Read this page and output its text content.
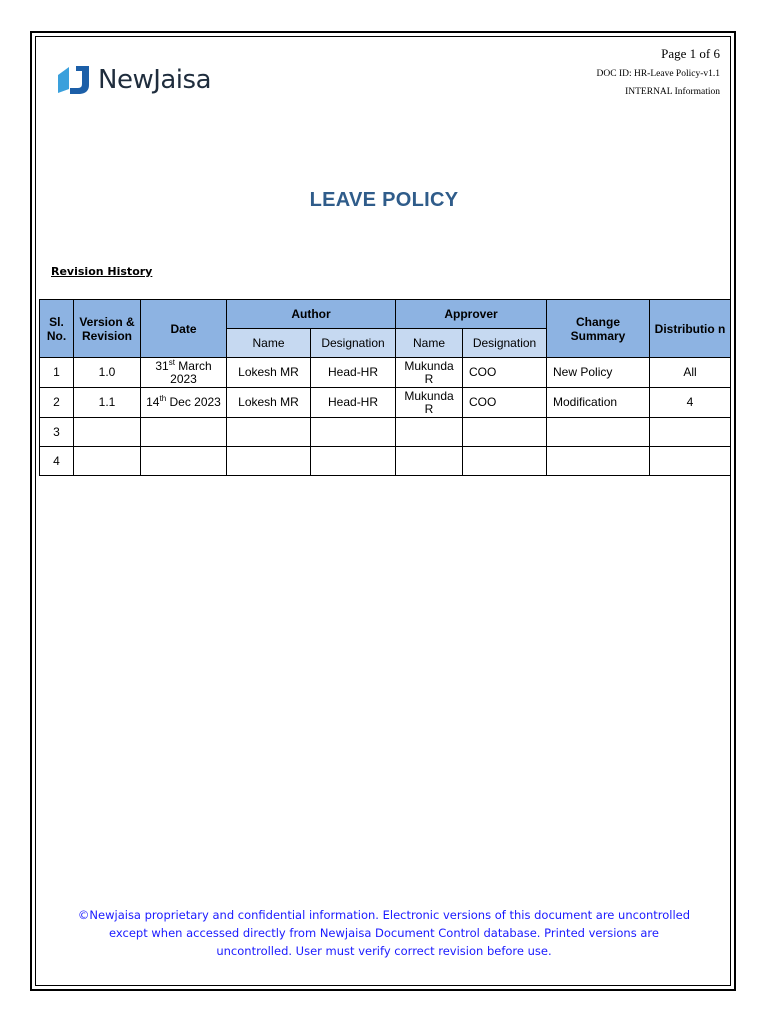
NewJaisa
Page 1 of 6
DOC ID: HR-Leave Policy-v1.1
INTERNAL Information
LEAVE POLICY
Revision History
Sl. No.	Version & Revision	Date	Author		Approver		Change Summary	Distributio n
			Name	Designation	Name	Designation		
1	1.0	31st March 2023	Lokesh MR	Head-HR	Mukunda R	COO	New Policy	All
2	1.1	14th Dec 2023	Lokesh MR	Head-HR	Mukunda R	COO	Modification	4
3								
4								
©Newjaisa proprietary and confidential information. Electronic versions of this document are uncontrolled except when accessed directly from Newjaisa Document Control database. Printed versions are uncontrolled. User must verify correct revision before use.
